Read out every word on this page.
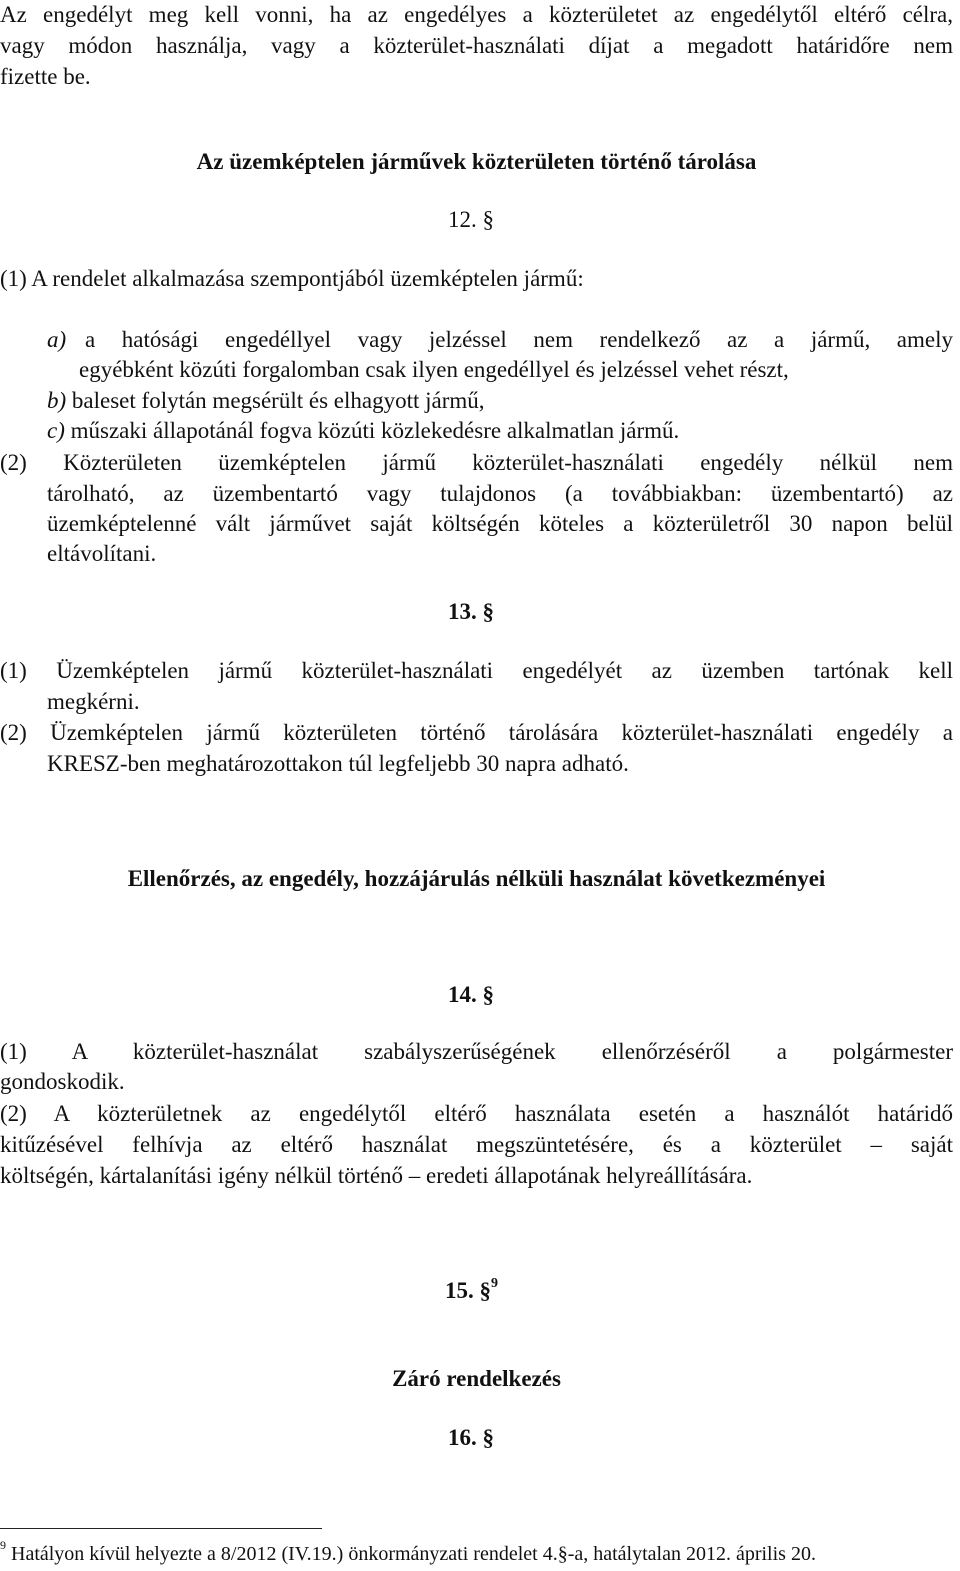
Az engedélyt meg kell vonni, ha az engedélyes a közterületet az engedélytől eltérő célra,
vagy módon használja, vagy a közterület-használati díjat a megadott határidőre nem
fizette be.
Az üzemképtelen járművek közterületen történő tárolása
12. §
(1) A rendelet alkalmazása szempontjából üzemképtelen jármű:
a) a hatósági engedéllyel vagy jelzéssel nem rendelkező az a jármű, amely
egyébként közúti forgalomban csak ilyen engedéllyel és jelzéssel vehet részt,
b) baleset folytán megsérült és elhagyott jármű,
c) műszaki állapotánál fogva közúti közlekedésre alkalmatlan jármű.
(2) Közterületen üzemképtelen jármű közterület-használati engedély nélkül nem
tárolható, az üzembentartó vagy tulajdonos (a továbbiakban: üzembentartó) az
üzemképtelenné vált járművet saját költségén köteles a közterületről 30 napon belül
eltávolítani.
13. §
(1) Üzemképtelen jármű közterület-használati engedélyét az üzemben tartónak kell
megkérni.
(2) Üzemképtelen jármű közterületen történő tárolására közterület-használati engedély a
KRESZ-ben meghatározottakon túl legfeljebb 30 napra adható.
Ellenőrzés, az engedély, hozzájárulás nélküli használat következményei
14. §
(1) A közterület-használat szabályszerűségének ellenőrzéséről a polgármester
gondoskodik.
(2) A közterületnek az engedélytől eltérő használata esetén a használót határidő
kitűzésével felhívja az eltérő használat megszüntetésére, és a közterület – saját
költségén, kártalanítási igény nélkül történő – eredeti állapotának helyreállítására.
15. §$^9$
Záró rendelkezés
16. §
$^9$ Hatályon kívül helyezte a 8/2012 (IV.19.) önkormányzati rendelet 4.§-a, hatálytalan 2012. április 20.
